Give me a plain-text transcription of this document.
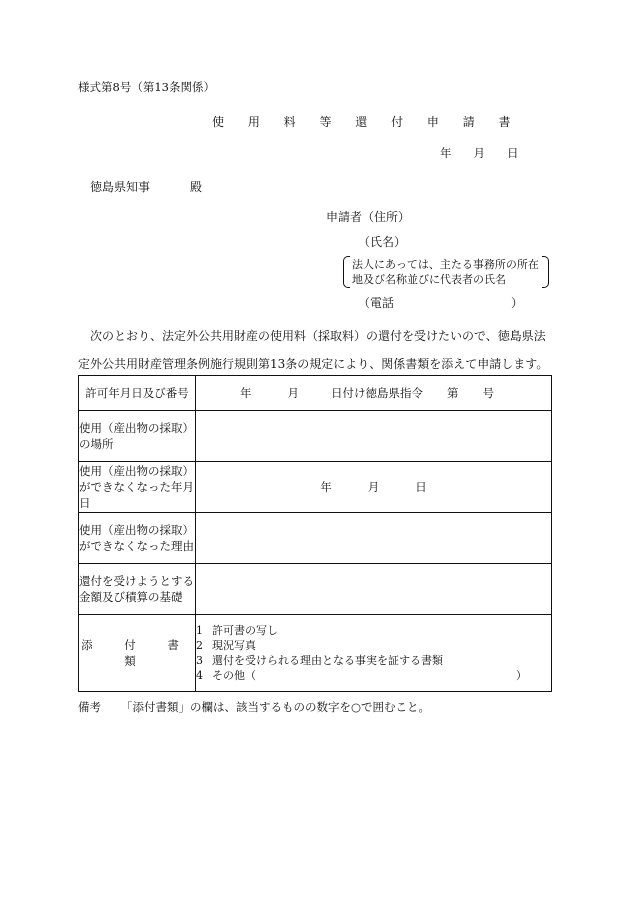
様式第8号（第13条関係）
使 用 料 等 還 付 申 請 書
年 月 日
徳島県知事	殿
申請者（住所）
（氏名）
法人にあっては、主たる事務所の所在
地及び名称並びに代表者の氏名
（電話	）
次のとおり、法定外公共用財産の使用料（採取料）の還付を受けたいので、徳島県法定外公共用財産管理条例施行規則第13条の規定により、関係書類を添えて申請します。
許可年月日及び番号	年 月 日付け徳島県指令 第 号

使用（産出物の採取）の場所	
使用（産出物の採取）ができなくなった年月日	年 月 日
使用（産出物の採取）ができなくなった理由	
還付を受けようとする金額及び積算の基礎	
添 付 書 類	1 許可書の写し
2 現況写真
3 還付を受けられる理由となる事実を証する書類
4 その他（ ）
備考 「添付書類」の欄は、該当するものの数字を○で囲むこと。
